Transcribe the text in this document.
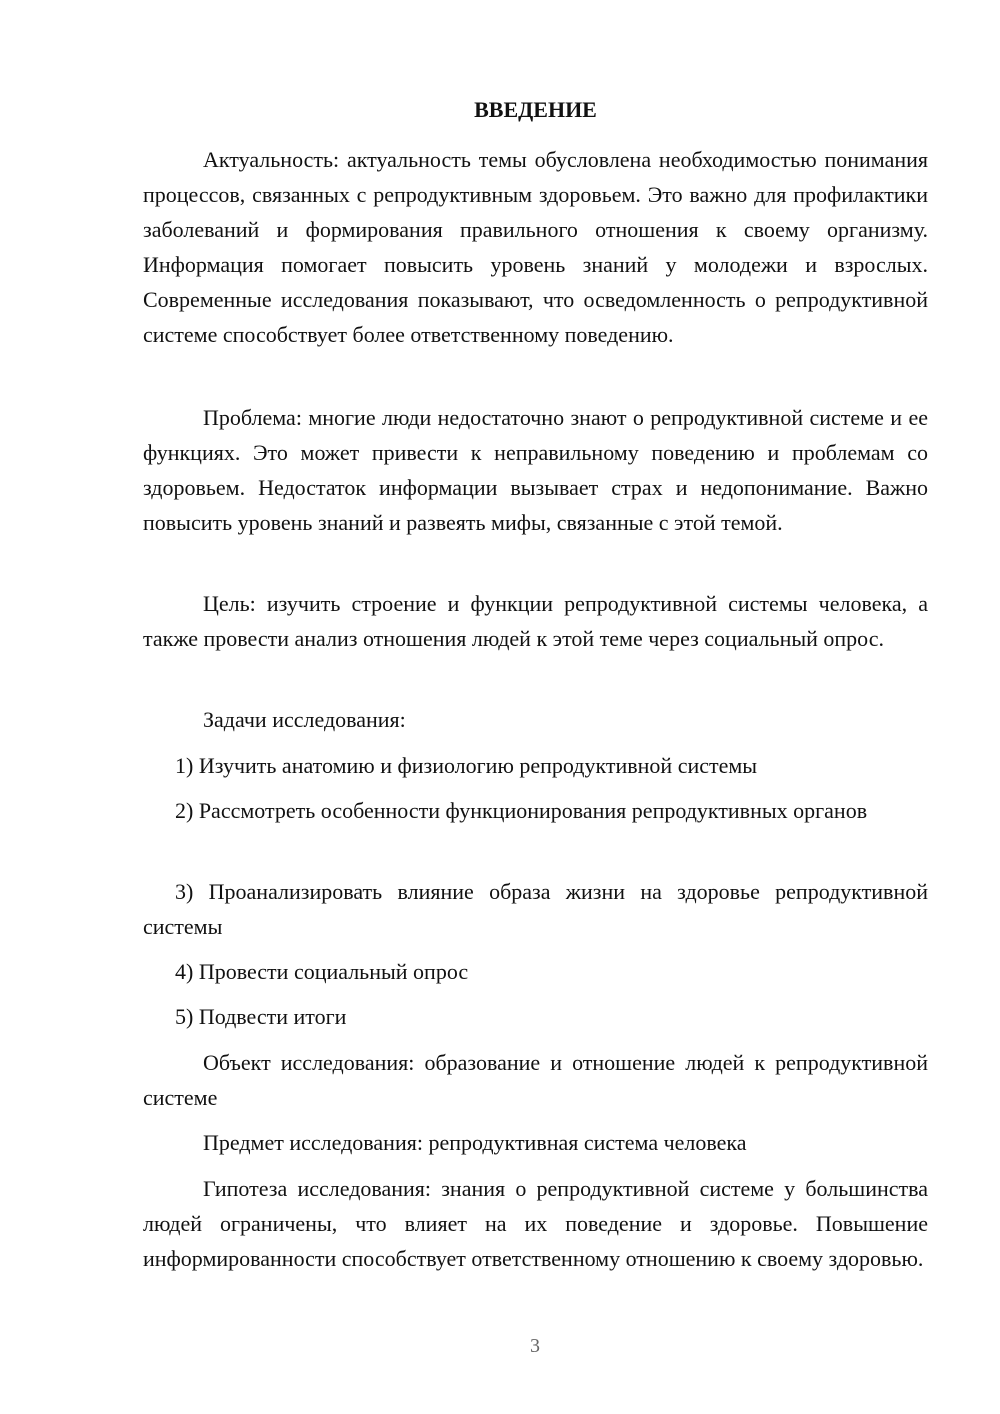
ВВЕДЕНИЕ

Актуальность: актуальность темы обусловлена необходимостью понимания процессов, связанных с репродуктивным здоровьем. Это важно для профилактики заболеваний и формирования правильного отношения к своему организму. Информация помогает повысить уровень знаний у молодежи и взрослых. Современные исследования показывают, что осведомленность о репродуктивной системе способствует более ответственному поведению.

Проблема: многие люди недостаточно знают о репродуктивной системе и ее функциях. Это может привести к неправильному поведению и проблемам со здоровьем. Недостаток информации вызывает страх и недопонимание. Важно повысить уровень знаний и развеять мифы, связанные с этой темой.

Цель: изучить строение и функции репродуктивной системы человека, а также провести анализ отношения людей к этой теме через социальный опрос.

Задачи исследования:

1) Изучить анатомию и физиологию репродуктивной системы

2) Рассмотреть особенности функционирования репродуктивных органов

3) Проанализировать влияние образа жизни на здоровье репродуктивной системы

4) Провести социальный опрос

5) Подвести итоги

Объект исследования: образование и отношение людей к репродуктивной системе

Предмет исследования: репродуктивная система человека

Гипотеза исследования: знания о репродуктивной системе у большинства людей ограничены, что влияет на их поведение и здоровье. Повышение информированности способствует ответственному отношению к своему здоровью.

3
